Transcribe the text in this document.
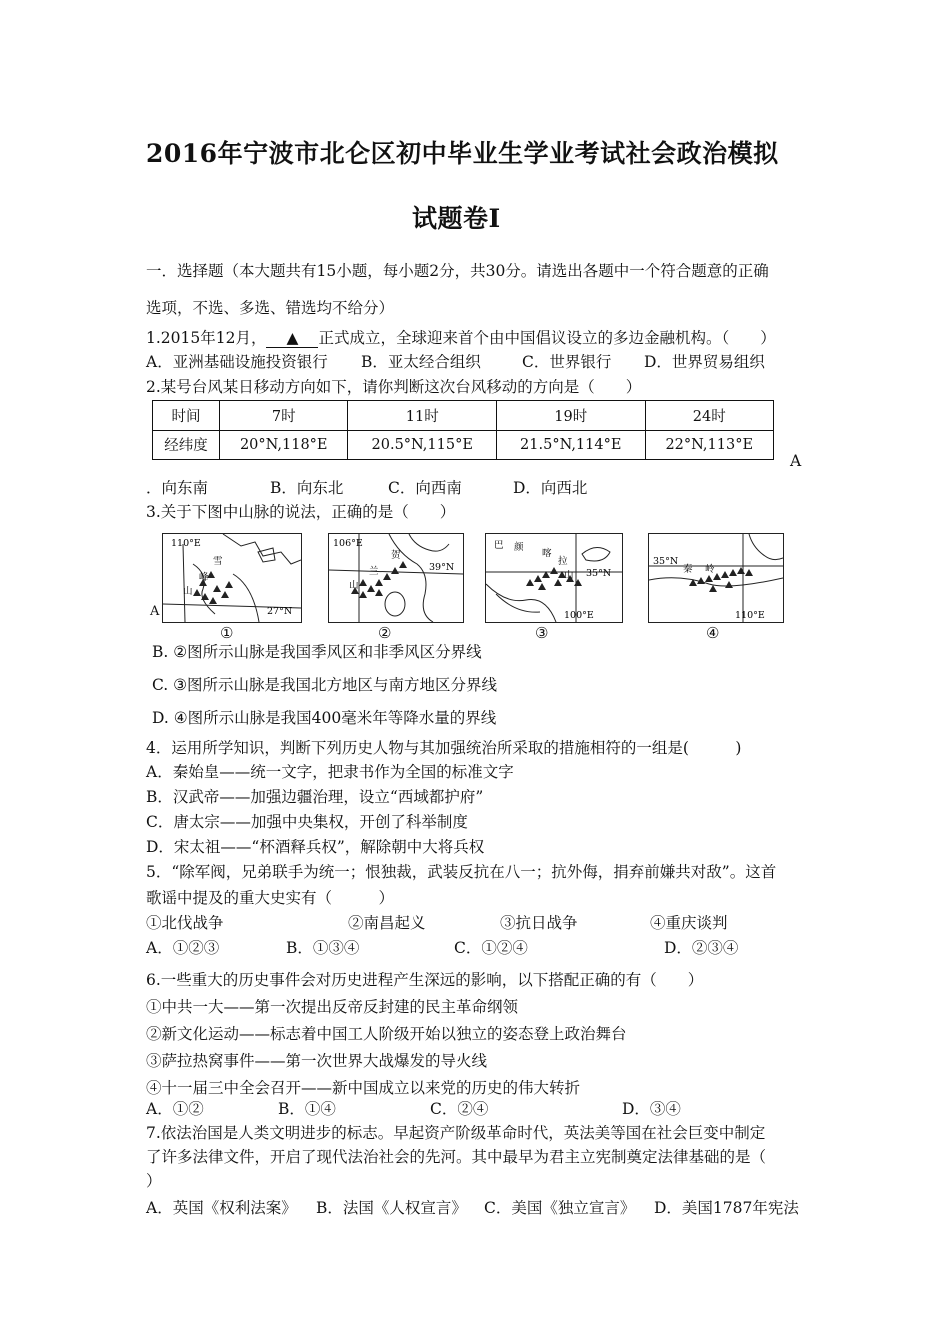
2016年宁波市北仑区初中毕业生学业考试社会政治模拟
试题卷Ⅰ
一．选择题（本大题共有15小题，每小题2分，共30分。请选出各题中一个符合题意的正确
选项，不选、多选、错选均不给分）
1.2015年12月， ▲ 正式成立，全球迎来首个由中国倡议设立的多边金融机构。（　　）
A．亚洲基础设施投资银行 B．亚太经合组织	C．世界银行 D．世界贸易组织
2.某号台风某日移动方向如下，请你判断这次台风移动的方向是（　　）
时间	7时	11时	19时	24时
经纬度	20°N,118°E	20.5°N,115°E	21.5°N,114°E	22°N,113°E
A
．向东南	B．向东北	C．向西南	D．向西北
3.关于下图中山脉的说法，正确的是（　　）
110°E
雪
峰
山
27°N
①
106°E
贺
兰
山
39°N
②
巴 颜
喀
拉
山 35°N
100°E
③
35°N
秦 岭
110°E
④
A
B. ②图所示山脉是我国季风区和非季风区分界线
C. ③图所示山脉是我国北方地区与南方地区分界线
D. ④图所示山脉是我国400毫米年等降水量的界线
4．运用所学知识，判断下列历史人物与其加强统治所采取的措施相符的一组是(　　　)
A．秦始皇——统一文字，把隶书作为全国的标准文字
B．汉武帝——加强边疆治理，设立“西域都护府”
C．唐太宗——加强中央集权，开创了科举制度
D．宋太祖——“杯酒释兵权”，解除朝中大将兵权
5．“除军阀，兄弟联手为统一；恨独裁，武装反抗在八一；抗外侮，捐弃前嫌共对敌”。这首
歌谣中提及的重大史实有（　　　）
①北伐战争	②南昌起义	③抗日战争	④重庆谈判
A．①②③	B．①③④	C．①②④	D．②③④
6.一些重大的历史事件会对历史进程产生深远的影响，以下搭配正确的有（　　）
①中共一大——第一次提出反帝反封建的民主革命纲领
②新文化运动——标志着中国工人阶级开始以独立的姿态登上政治舞台
③萨拉热窝事件——第一次世界大战爆发的导火线
④十一届三中全会召开——新中国成立以来党的历史的伟大转折
A．①②	B．①④	C．②④	D．③④
7.依法治国是人类文明进步的标志。早起资产阶级革命时代，英法美等国在社会巨变中制定
了许多法律文件，开启了现代法治社会的先河。其中最早为君主立宪制奠定法律基础的是（
）
A．英国《权利法案》 B．法国《人权宣言》 C．美国《独立宣言》 D．美国1787年宪法
